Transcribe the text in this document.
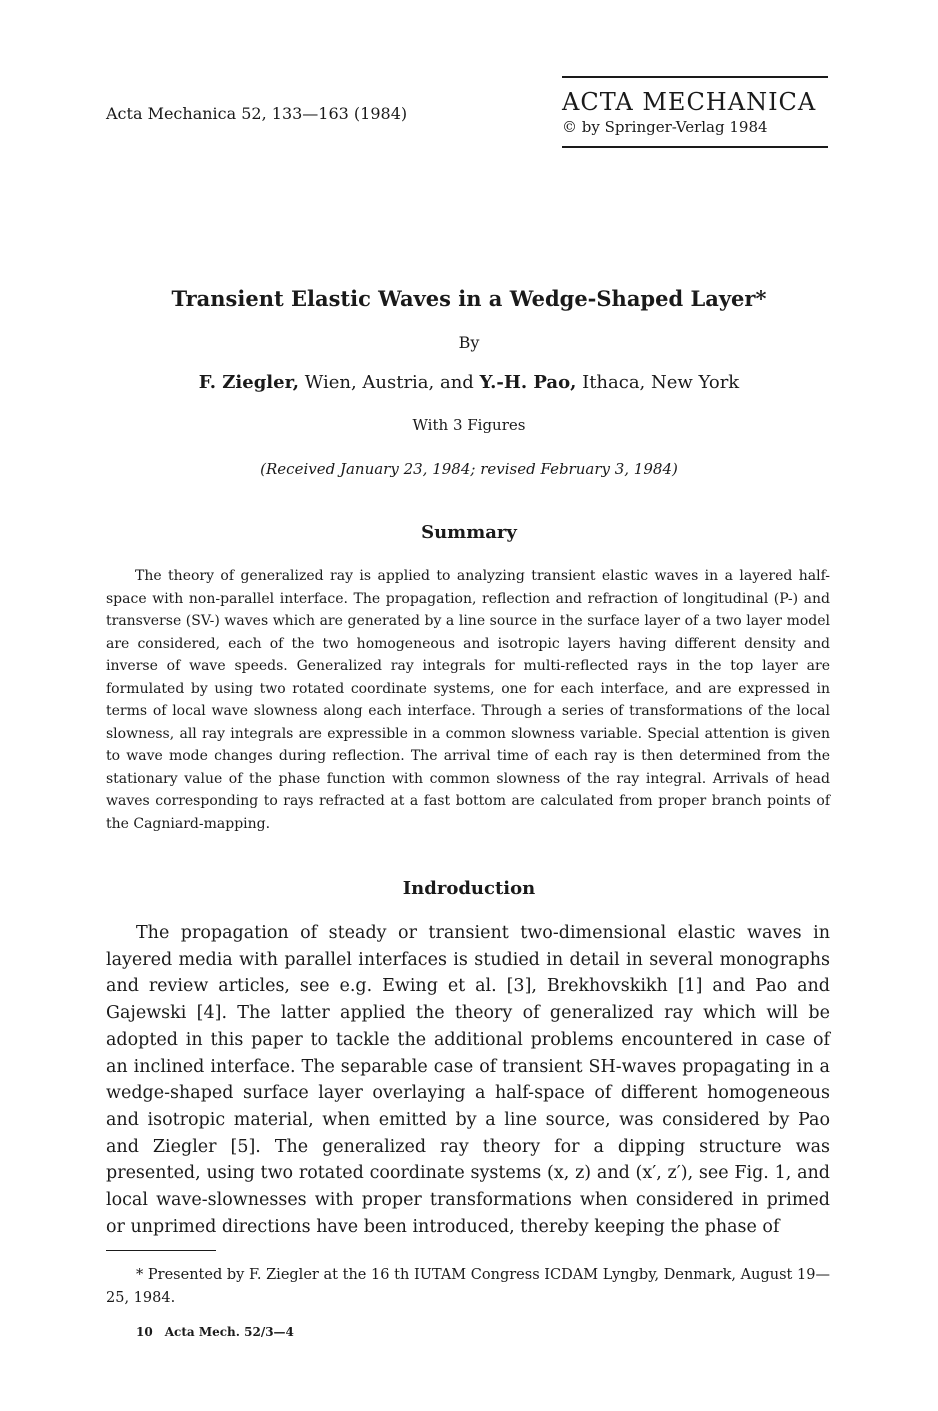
Acta Mechanica 52, 133—163 (1984)	ACTA MECHANICA
© by Springer-Verlag 1984
Transient Elastic Waves in a Wedge-Shaped Layer*
By
F. Ziegler, Wien, Austria, and Y.-H. Pao, Ithaca, New York
With 3 Figures
(Received January 23, 1984; revised February 3, 1984)
Summary
The theory of generalized ray is applied to analyzing transient elastic waves in a layered half-space with non-parallel interface. The propagation, reflection and refraction of longitudinal (P-) and transverse (SV-) waves which are generated by a line source in the surface layer of a two layer model are considered, each of the two homogeneous and isotropic layers having different density and inverse of wave speeds. Generalized ray integrals for multi-reflected rays in the top layer are formulated by using two rotated coordinate systems, one for each interface, and are expressed in terms of local wave slowness along each interface. Through a series of transformations of the local slowness, all ray integrals are expressible in a common slowness variable. Special attention is given to wave mode changes during reflection. The arrival time of each ray is then determined from the stationary value of the phase function with common slowness of the ray integral. Arrivals of head waves corresponding to rays refracted at a fast bottom are calculated from proper branch points of the Cagniard-mapping.
Indroduction
The propagation of steady or transient two-dimensional elastic waves in layered media with parallel interfaces is studied in detail in several monographs and review articles, see e.g. Ewing et al. [3], Brekhovskikh [1] and Pao and Gajewski [4]. The latter applied the theory of generalized ray which will be adopted in this paper to tackle the additional problems encountered in case of an inclined interface. The separable case of transient SH-waves propagating in a wedge-shaped surface layer overlaying a half-space of different homogeneous and isotropic material, when emitted by a line source, was considered by Pao and Ziegler [5]. The generalized ray theory for a dipping structure was presented, using two rotated coordinate systems (x, z) and (x′, z′), see Fig. 1, and local wave-slownesses with proper transformations when considered in primed or unprimed directions have been introduced, thereby keeping the phase of
* Presented by F. Ziegler at the 16 th IUTAM Congress ICDAM Lyngby, Denmark, August 19—25, 1984.
10 Acta Mech. 52/3—4
